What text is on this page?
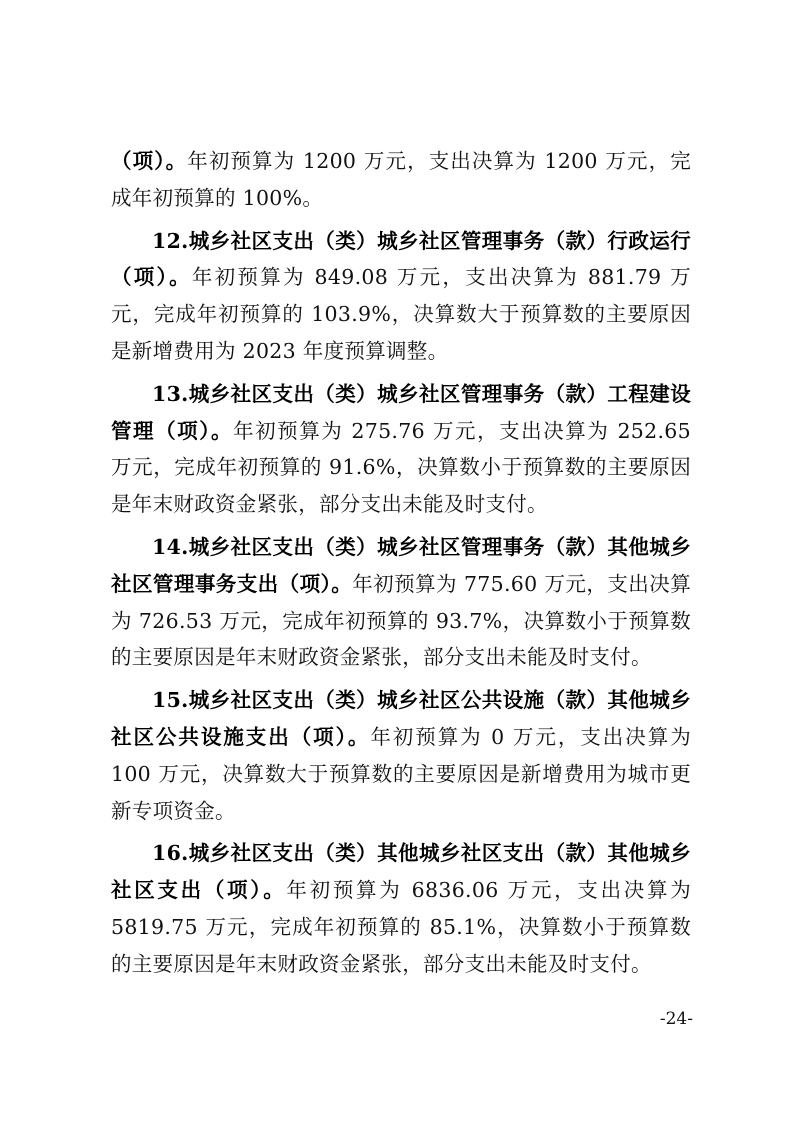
（项）。年初预算为 1200 万元，支出决算为 1200 万元，完成年初预算的 100%。

12.城乡社区支出（类）城乡社区管理事务（款）行政运行（项）。年初预算为 849.08 万元，支出决算为 881.79 万元，完成年初预算的 103.9%，决算数大于预算数的主要原因是新增费用为 2023 年度预算调整。

13.城乡社区支出（类）城乡社区管理事务（款）工程建设管理（项）。年初预算为 275.76 万元，支出决算为 252.65 万元，完成年初预算的 91.6%，决算数小于预算数的主要原因是年末财政资金紧张，部分支出未能及时支付。

14.城乡社区支出（类）城乡社区管理事务（款）其他城乡社区管理事务支出（项）。年初预算为 775.60 万元，支出决算为 726.53 万元，完成年初预算的 93.7%，决算数小于预算数的主要原因是年末财政资金紧张，部分支出未能及时支付。

15.城乡社区支出（类）城乡社区公共设施（款）其他城乡社区公共设施支出（项）。年初预算为 0 万元，支出决算为 100 万元，决算数大于预算数的主要原因是新增费用为城市更新专项资金。

16.城乡社区支出（类）其他城乡社区支出（款）其他城乡社区支出（项）。年初预算为 6836.06 万元，支出决算为 5819.75 万元，完成年初预算的 85.1%，决算数小于预算数的主要原因是年末财政资金紧张，部分支出未能及时支付。

-24-
